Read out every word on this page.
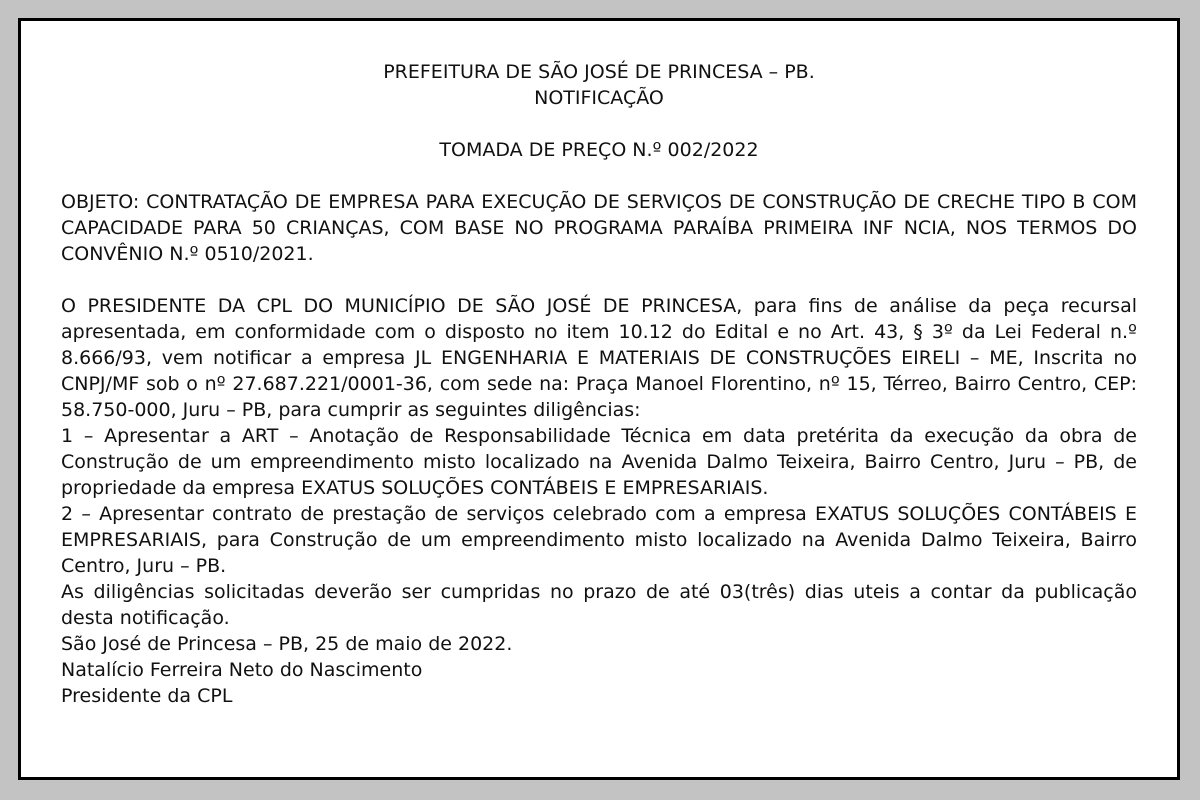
PREFEITURA DE SÃO JOSÉ DE PRINCESA – PB.

NOTIFICAÇÃO

TOMADA DE PREÇO N.º 002/2022

OBJETO: CONTRATAÇÃO DE EMPRESA PARA EXECUÇÃO DE SERVIÇOS DE CONSTRUÇÃO DE CRECHE TIPO B COM CAPACIDADE PARA 50 CRIANÇAS, COM BASE NO PROGRAMA PARAÍBA PRIMEIRA INF NCIA, NOS TERMOS DO CONVÊNIO N.º 0510/2021.

O PRESIDENTE DA CPL DO MUNICÍPIO DE SÃO JOSÉ DE PRINCESA, para fins de análise da peça recursal apresentada, em conformidade com o disposto no item 10.12 do Edital e no Art. 43, § 3º da Lei Federal n.º 8.666/93, vem notificar a empresa JL ENGENHARIA E MATERIAIS DE CONSTRUÇÕES EIRELI – ME, Inscrita no CNPJ/MF sob o nº 27.687.221/0001-36, com sede na: Praça Manoel Florentino, nº 15, Térreo, Bairro Centro, CEP: 58.750-000, Juru – PB, para cumprir as seguintes diligências:

1 – Apresentar a ART – Anotação de Responsabilidade Técnica em data pretérita da execução da obra de Construção de um empreendimento misto localizado na Avenida Dalmo Teixeira, Bairro Centro, Juru – PB, de propriedade da empresa EXATUS SOLUÇÕES CONTÁBEIS E EMPRESARIAIS.

2 – Apresentar contrato de prestação de serviços celebrado com a empresa EXATUS SOLUÇÕES CONTÁBEIS E EMPRESARIAIS, para Construção de um empreendimento misto localizado na Avenida Dalmo Teixeira, Bairro Centro, Juru – PB.

As diligências solicitadas deverão ser cumpridas no prazo de até 03(três) dias uteis a contar da publicação desta notificação.

São José de Princesa – PB, 25 de maio de 2022.

Natalício Ferreira Neto do Nascimento

Presidente da CPL
